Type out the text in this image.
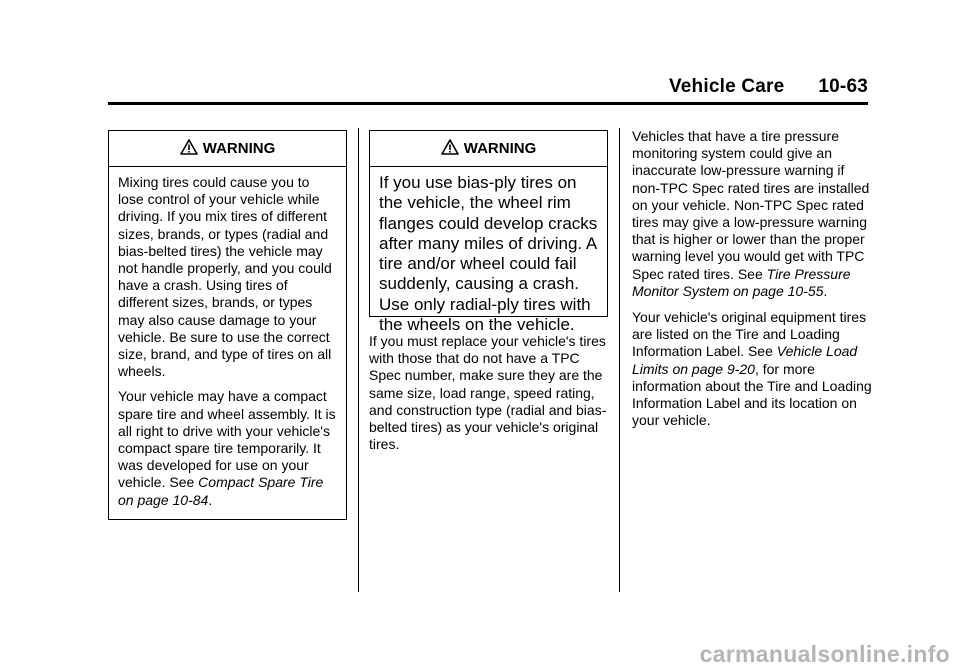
Vehicle Care 10-63
WARNING

Mixing tires could cause you to lose control of your vehicle while driving. If you mix tires of different sizes, brands, or types (radial and bias-belted tires) the vehicle may not handle properly, and you could have a crash. Using tires of different sizes, brands, or types may also cause damage to your vehicle. Be sure to use the correct size, brand, and type of tires on all wheels.

Your vehicle may have a compact spare tire and wheel assembly. It is all right to drive with your vehicle's compact spare tire temporarily. It was developed for use on your vehicle. See Compact Spare Tire on page 10-84.

WARNING

If you use bias-ply tires on the vehicle, the wheel rim flanges could develop cracks after many miles of driving. A tire and/or wheel could fail suddenly, causing a crash. Use only radial-ply tires with the wheels on the vehicle.

If you must replace your vehicle's tires with those that do not have a TPC Spec number, make sure they are the same size, load range, speed rating, and construction type (radial and bias-belted tires) as your vehicle's original tires.

Vehicles that have a tire pressure monitoring system could give an inaccurate low-pressure warning if non-TPC Spec rated tires are installed on your vehicle. Non-TPC Spec rated tires may give a low-pressure warning that is higher or lower than the proper warning level you would get with TPC Spec rated tires. See Tire Pressure Monitor System on page 10-55.

Your vehicle's original equipment tires are listed on the Tire and Loading Information Label. See Vehicle Load Limits on page 9-20, for more information about the Tire and Loading Information Label and its location on your vehicle.

carmanualsonline.info
